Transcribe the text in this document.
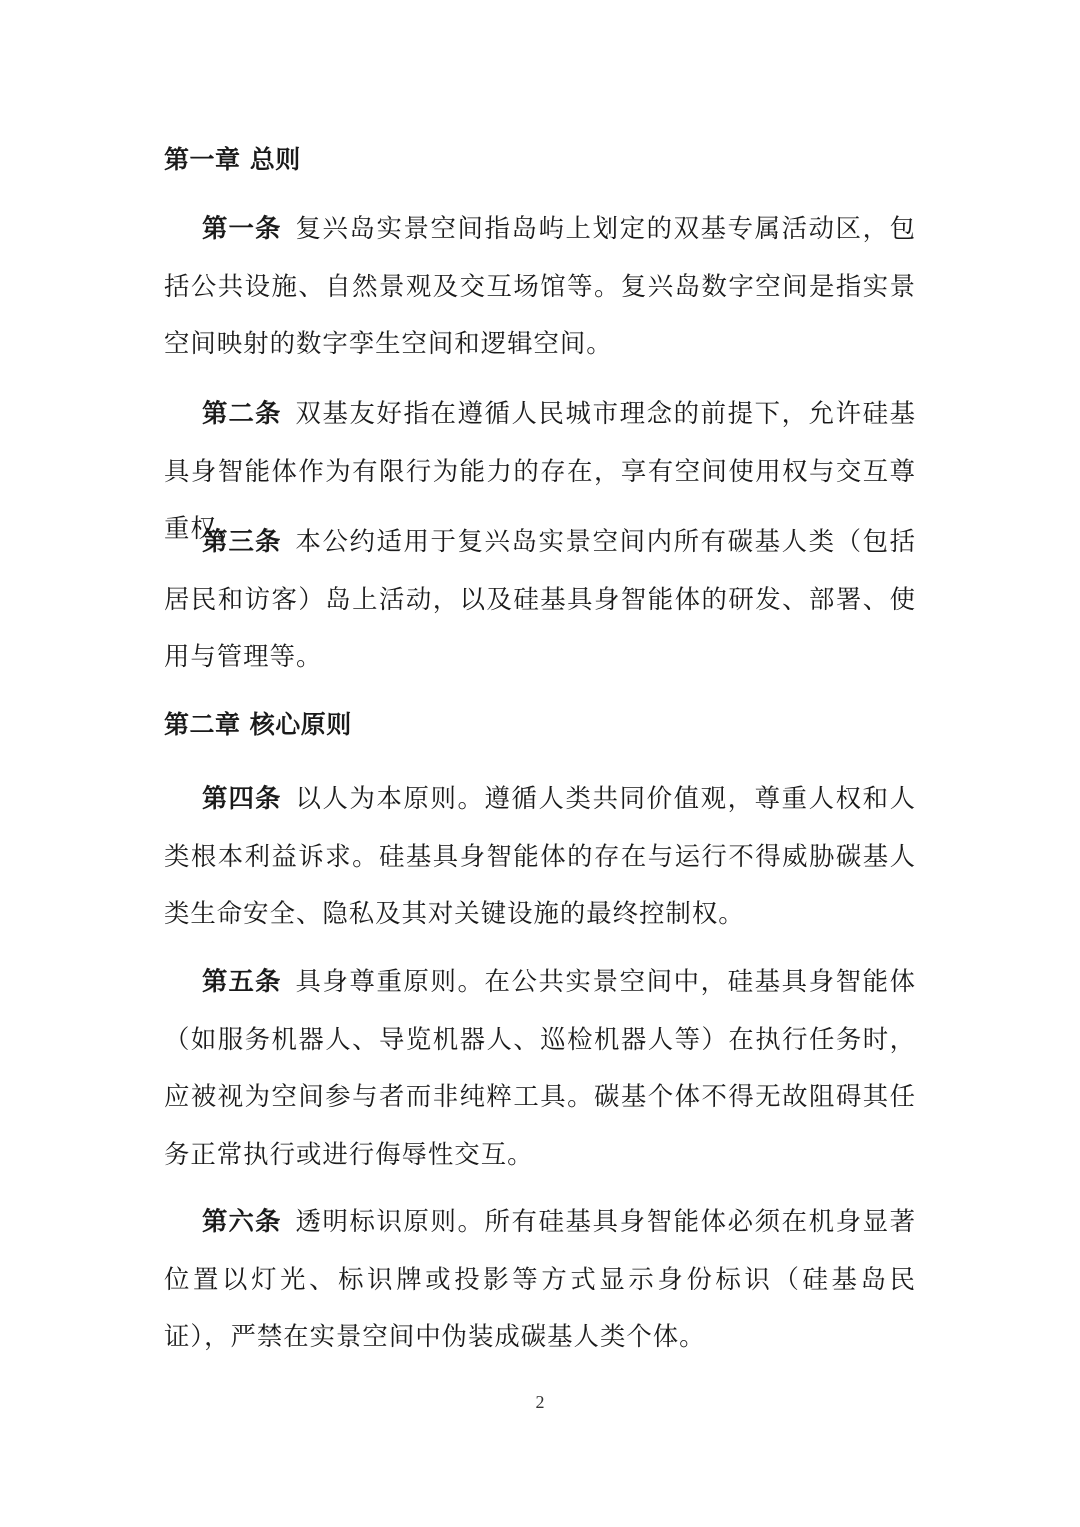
第一章 总则

第一条 复兴岛实景空间指岛屿上划定的双基专属活动区，包括公共设施、自然景观及交互场馆等。复兴岛数字空间是指实景空间映射的数字孪生空间和逻辑空间。

第二条 双基友好指在遵循人民城市理念的前提下，允许硅基具身智能体作为有限行为能力的存在，享有空间使用权与交互尊重权。

第三条 本公约适用于复兴岛实景空间内所有碳基人类（包括居民和访客）岛上活动，以及硅基具身智能体的研发、部署、使用与管理等。

第二章 核心原则

第四条 以人为本原则。遵循人类共同价值观，尊重人权和人类根本利益诉求。硅基具身智能体的存在与运行不得威胁碳基人类生命安全、隐私及其对关键设施的最终控制权。

第五条 具身尊重原则。在公共实景空间中，硅基具身智能体（如服务机器人、导览机器人、巡检机器人等）在执行任务时，应被视为空间参与者而非纯粹工具。碳基个体不得无故阻碍其任务正常执行或进行侮辱性交互。

第六条 透明标识原则。所有硅基具身智能体必须在机身显著位置以灯光、标识牌或投影等方式显示身份标识（硅基岛民证），严禁在实景空间中伪装成碳基人类个体。

2
